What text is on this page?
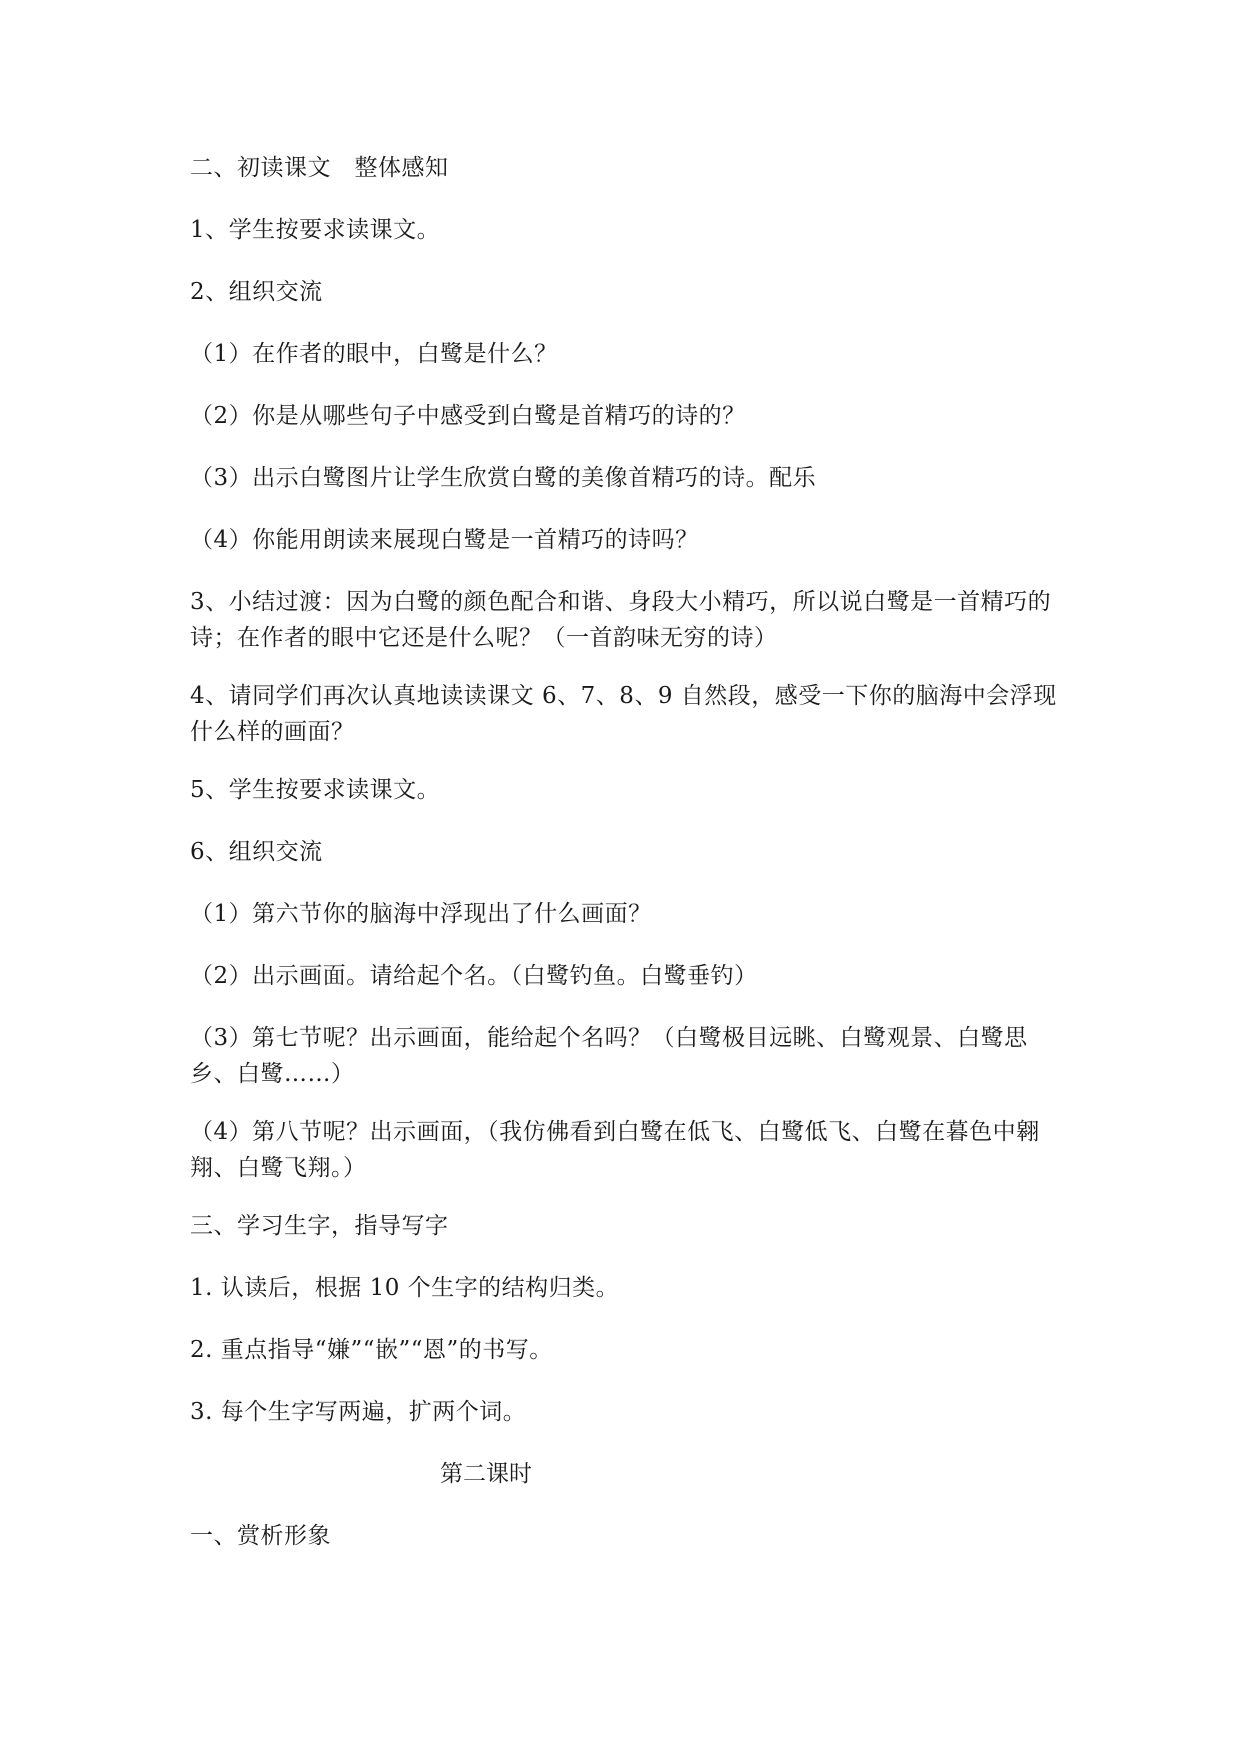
二、初读课文　整体感知
1、学生按要求读课文。
2、组织交流
（1）在作者的眼中，白鹭是什么？
（2）你是从哪些句子中感受到白鹭是首精巧的诗的？
（3）出示白鹭图片让学生欣赏白鹭的美像首精巧的诗。配乐
（4）你能用朗读来展现白鹭是一首精巧的诗吗？
3、小结过渡：因为白鹭的颜色配合和谐、身段大小精巧，所以说白鹭是一首精巧的诗；在作者的眼中它还是什么呢？（一首韵味无穷的诗）
4、请同学们再次认真地读读课文 6、7、8、9 自然段，感受一下你的脑海中会浮现什么样的画面？
5、学生按要求读课文。
6、组织交流
（1）第六节你的脑海中浮现出了什么画面？
（2）出示画面。请给起个名。（白鹭钓鱼。白鹭垂钓）
（3）第七节呢？出示画面，能给起个名吗？（白鹭极目远眺、白鹭观景、白鹭思乡、白鹭……）
（4）第八节呢？出示画面，（我仿佛看到白鹭在低飞、白鹭低飞、白鹭在暮色中翱翔、白鹭飞翔。）
三、学习生字，指导写字
1. 认读后，根据 10 个生字的结构归类。
2. 重点指导“嫌”“嵌”“恩”的书写。
3. 每个生字写两遍，扩两个词。
第二课时
一、赏析形象
